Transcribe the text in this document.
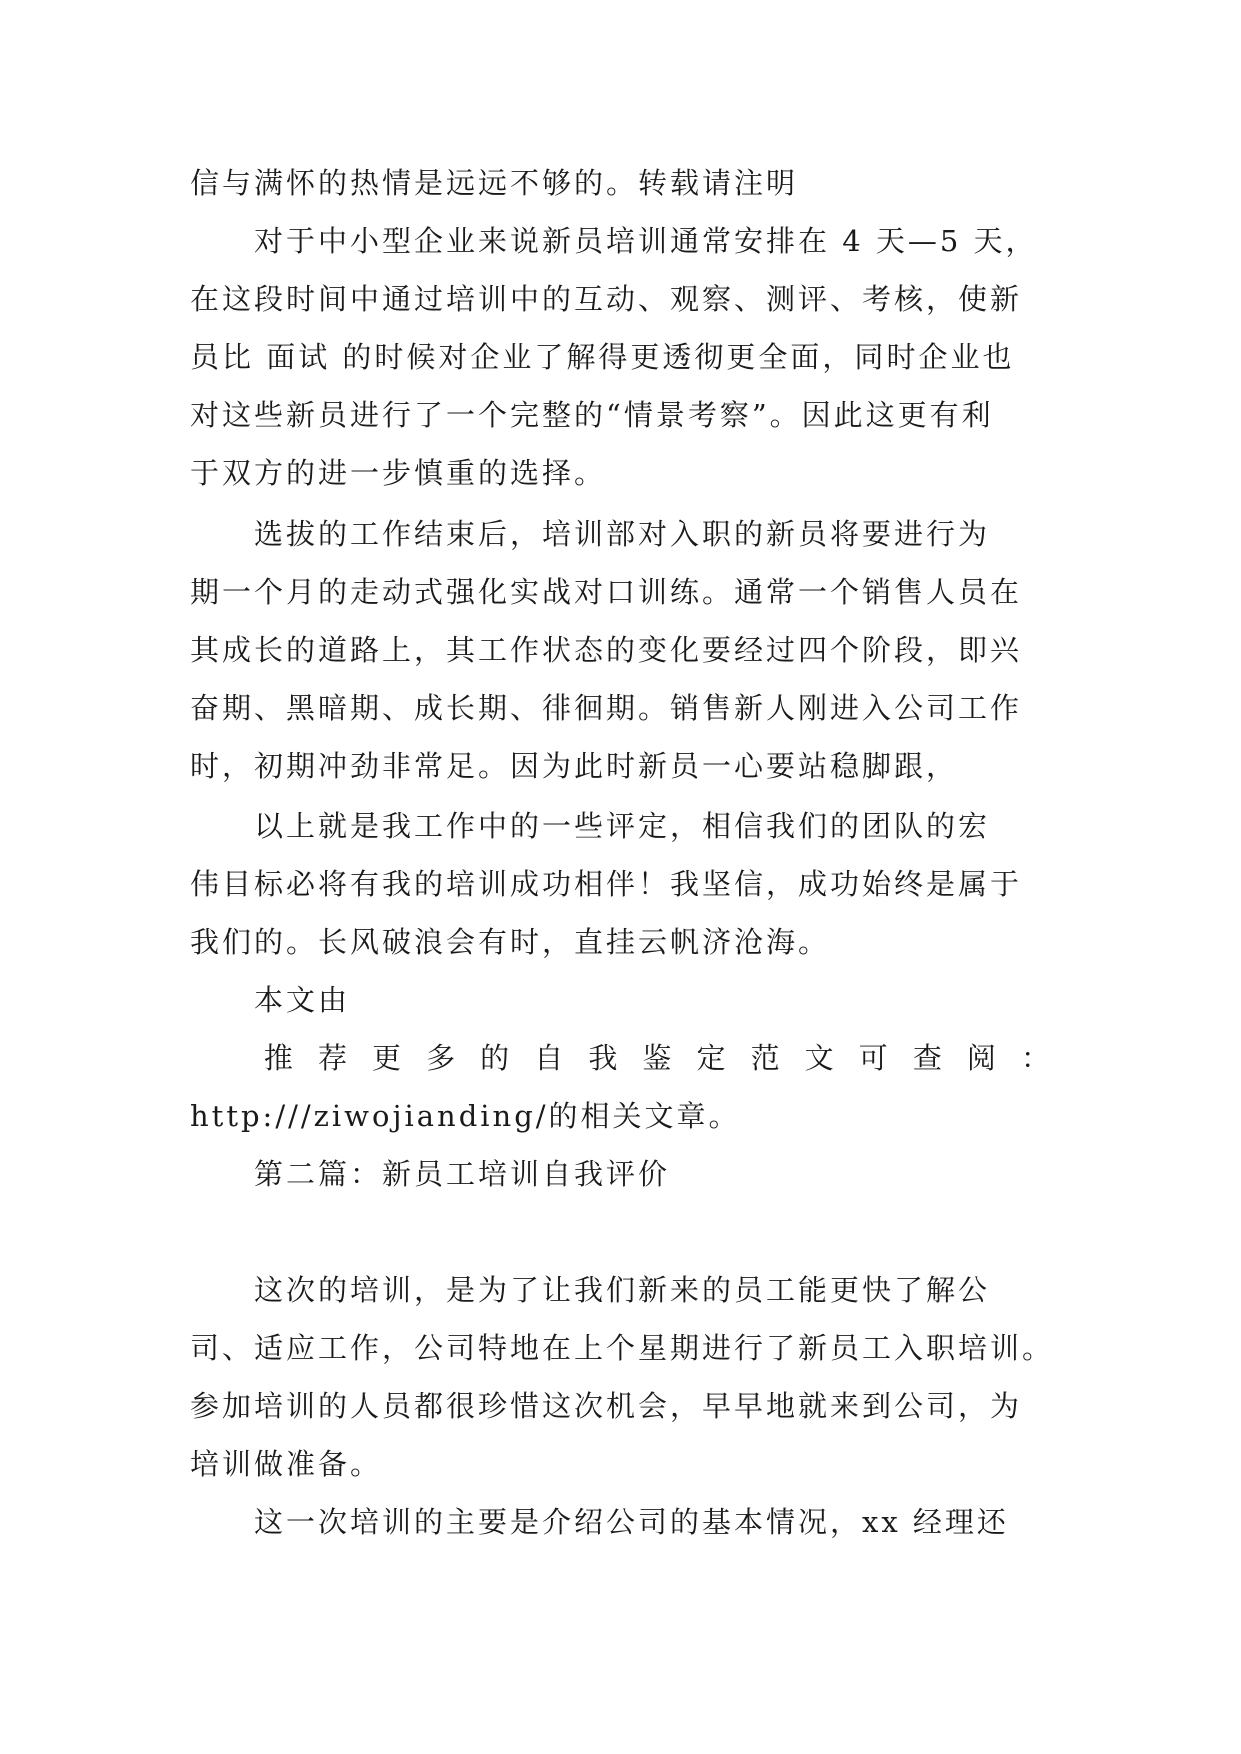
信与满怀的热情是远远不够的。转载请注明
　　对于中小型企业来说新员培训通常安排在 4 天—5 天，
在这段时间中通过培训中的互动、观察、测评、考核，使新
员比 面试 的时候对企业了解得更透彻更全面，同时企业也
对这些新员进行了一个完整的“情景考察”。因此这更有利
于双方的进一步慎重的选择。
　　选拔的工作结束后，培训部对入职的新员将要进行为
期一个月的走动式强化实战对口训练。通常一个销售人员在
其成长的道路上，其工作状态的变化要经过四个阶段，即兴
奋期、黑暗期、成长期、徘徊期。销售新人刚进入公司工作
时，初期冲劲非常足。因为此时新员一心要站稳脚跟，
　　以上就是我工作中的一些评定，相信我们的团队的宏
伟目标必将有我的培训成功相伴！我坚信，成功始终是属于
我们的。长风破浪会有时，直挂云帆济沧海。
　　本文由
　　推 荐 更 多 的 自 我 鉴 定 范 文 可 查 阅 ：
http:///ziwojianding/的相关文章。
　　第二篇：新员工培训自我评价
　　这次的培训，是为了让我们新来的员工能更快了解公
司、适应工作，公司特地在上个星期进行了新员工入职培训。
参加培训的人员都很珍惜这次机会，早早地就来到公司，为
培训做准备。
　　这一次培训的主要是介绍公司的基本情况，xx 经理还
